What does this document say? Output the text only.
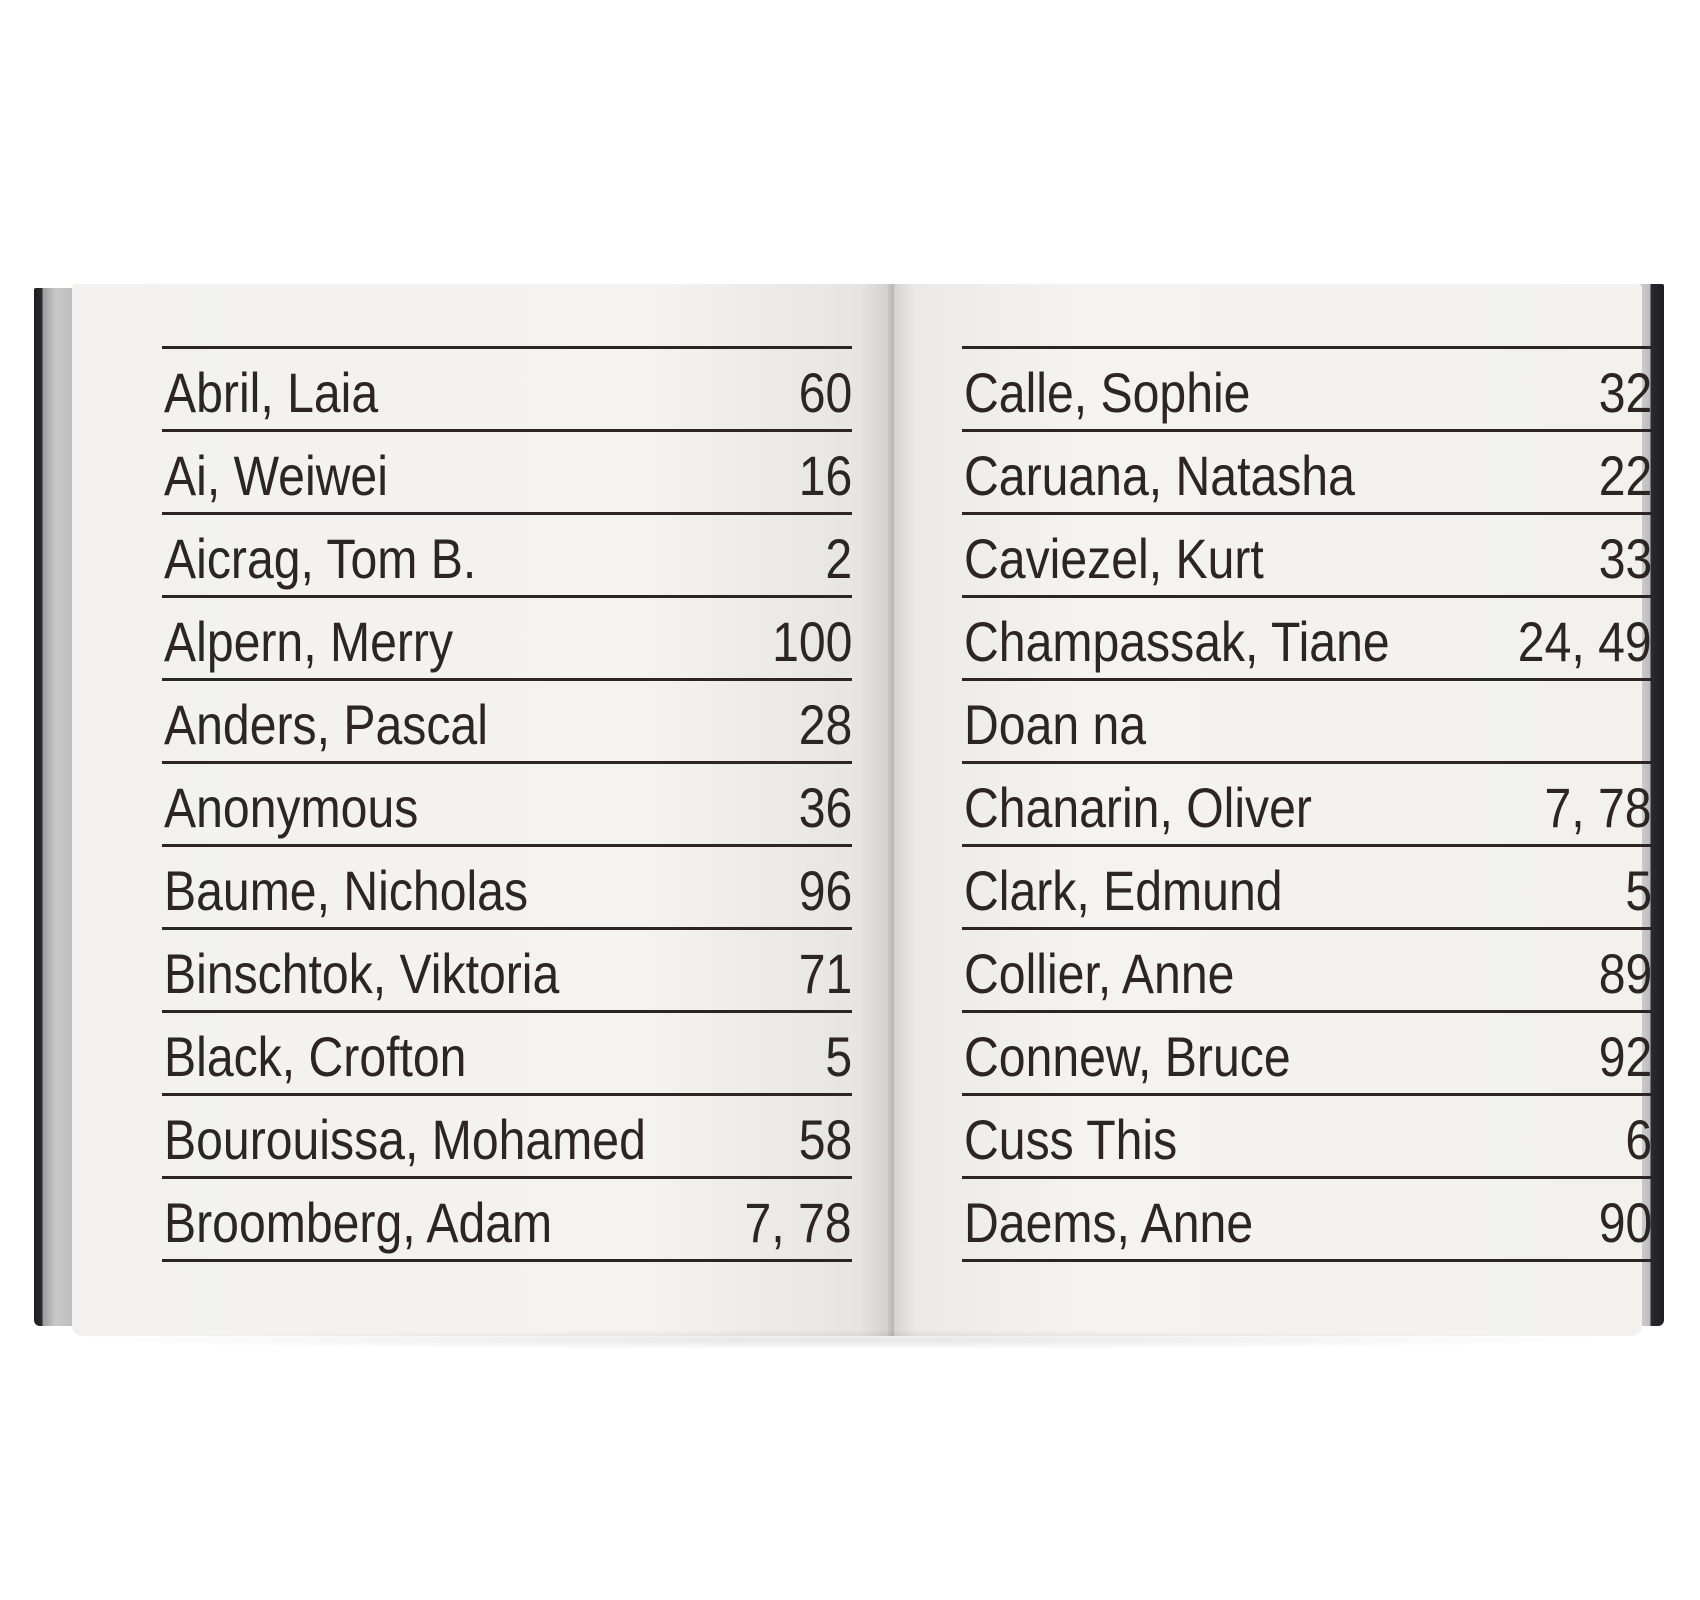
Abril, Laia	60
Ai, Weiwei	16
Aicrag, Tom B.	2
Alpern, Merry	100
Anders, Pascal	28
Anonymous	36
Baume, Nicholas	96
Binschtok, Viktoria	71
Black, Crofton	5
Bourouissa, Mohamed	58
Broomberg, Adam	7, 78
Calle, Sophie	32
Caruana, Natasha	22
Caviezel, Kurt	33
Champassak, Tiane 24, 49
Doan na
Chanarin, Oliver	7, 78
Clark, Edmund	5
Collier, Anne	89
Connew, Bruce	92
Cuss This	6
Daems, Anne	90
